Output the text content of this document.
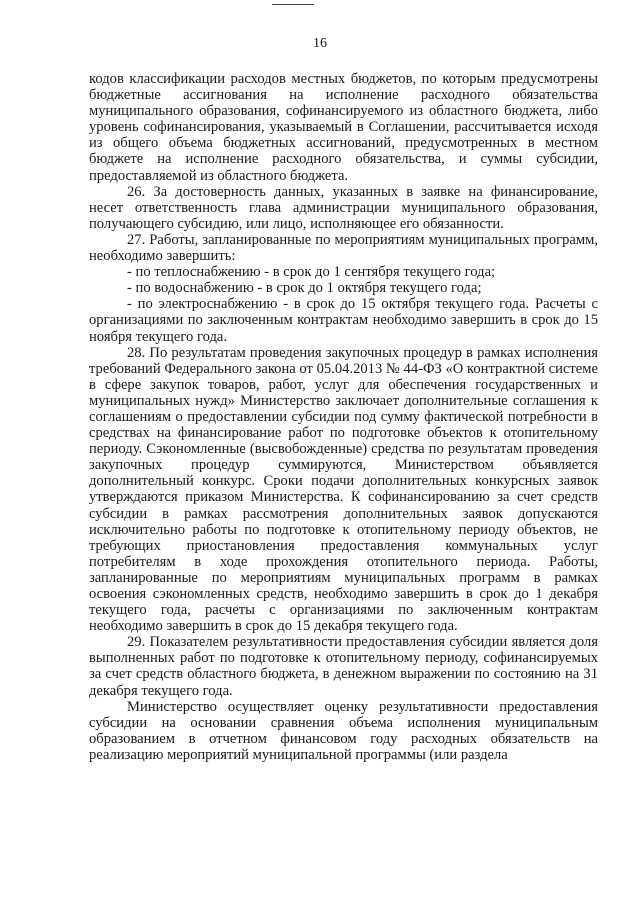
16

кодов классификации расходов местных бюджетов, по которым предусмотрены бюджетные ассигнования на исполнение расходного обязательства муниципального образования, софинансируемого из областного бюджета, либо уровень софинансирования, указываемый в Соглашении, рассчитывается исходя из общего объема бюджетных ассигнований, предусмотренных в местном бюджете на исполнение расходного обязательства, и суммы субсидии, предоставляемой из областного бюджета.

26. За достоверность данных, указанных в заявке на финансирование, несет ответственность глава администрации муниципального образования, получающего субсидию, или лицо, исполняющее его обязанности.

27. Работы, запланированные по мероприятиям муниципальных программ, необходимо завершить:

- по теплоснабжению - в срок до 1 сентября текущего года;

- по водоснабжению - в срок до 1 октября текущего года;

- по электроснабжению - в срок до 15 октября текущего года. Расчеты с организациями по заключенным контрактам необходимо завершить в срок до 15 ноября текущего года.

28. По результатам проведения закупочных процедур в рамках исполнения требований Федерального закона от 05.04.2013 № 44-ФЗ «О контрактной системе в сфере закупок товаров, работ, услуг для обеспечения государственных и муниципальных нужд» Министерство заключает дополнительные соглашения к соглашениям о предоставлении субсидии под сумму фактической потребности в средствах на финансирование работ по подготовке объектов к отопительному периоду. Сэкономленные (высвобожденные) средства по результатам проведения закупочных процедур суммируются, Министерством объявляется дополнительный конкурс. Сроки подачи дополнительных конкурсных заявок утверждаются приказом Министерства. К софинансированию за счет средств субсидии в рамках рассмотрения дополнительных заявок допускаются исключительно работы по подготовке к отопительному периоду объектов, не требующих приостановления предоставления коммунальных услуг потребителям в ходе прохождения отопительного периода. Работы, запланированные по мероприятиям муниципальных программ в рамках освоения сэкономленных средств, необходимо завершить в срок до 1 декабря текущего года, расчеты с организациями по заключенным контрактам необходимо завершить в срок до 15 декабря текущего года.

29. Показателем результативности предоставления субсидии является доля выполненных работ по подготовке к отопительному периоду, софинансируемых за счет средств областного бюджета, в денежном выражении по состоянию на 31 декабря текущего года.

Министерство осуществляет оценку результативности предоставления субсидии на основании сравнения объема исполнения муниципальным образованием в отчетном финансовом году расходных обязательств на реализацию мероприятий муниципальной программы (или раздела
